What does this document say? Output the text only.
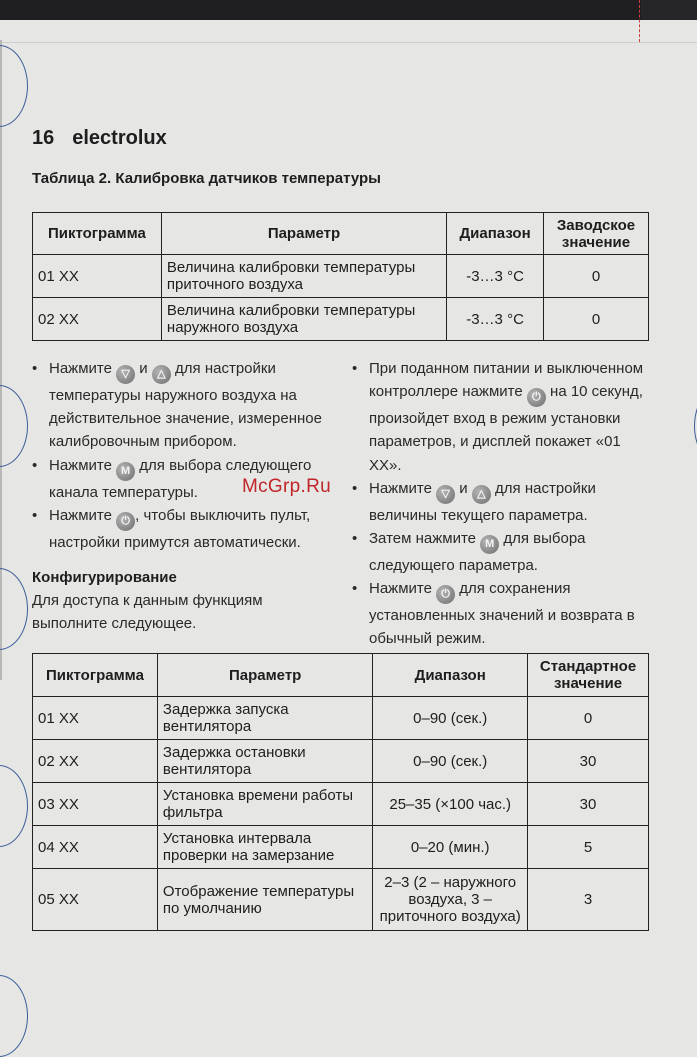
16 electrolux
Таблица 2. Калибровка датчиков температуры
Пиктограмма	Параметр	Диапазон	Заводское значение
01 XX	Величина калибровки температуры приточного воздуха	-3…3 °C	0
02 XX	Величина калибровки температуры наружного воздуха	-3…3 °C	0
• Нажмите ▽ и △ для настройки температуры наружного воздуха на действительное значение, измеренное калибровочным прибором.
• Нажмите M для выбора следующего канала температуры.
• Нажмите ⏻ , чтобы выключить пульт, настройки примутся автоматически.
Конфигурирование
Для доступа к данным функциям выполните следующее.
• При поданном питании и выключенном контроллере нажмите ⏻ на 10 секунд, произойдет вход в режим установки параметров, и дисплей покажет «01 XX».
• Нажмите ▽ и △ для настройки величины текущего параметра.
• Затем нажмите M для выбора следующего параметра.
• Нажмите ⏻ для сохранения установленных значений и возврата в обычный режим.
McGrp.Ru
Пиктограмма	Параметр	Диапазон	Стандартное значение
01 XX	Задержка запуска вентилятора	0–90 (сек.)	0
02 XX	Задержка остановки вентилятора	0–90 (сек.)	30
03 XX	Установка времени работы фильтра	25–35 (×100 час.)	30
04 XX	Установка интервала проверки на замерзание	0–20 (мин.)	5
05 XX	Отображение температуры по умолчанию	2–3 (2 – наружного воздуха, 3 – приточного воздуха)	3
